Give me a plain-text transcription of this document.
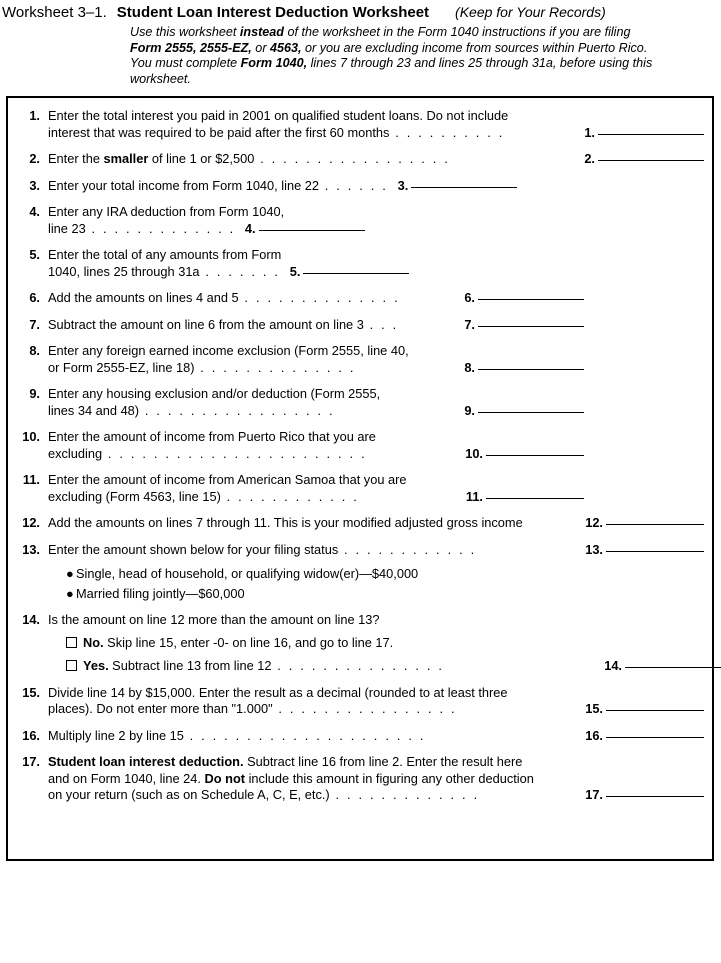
Worksheet 3–1. Student Loan Interest Deduction Worksheet (Keep for Your Records)
Use this worksheet instead of the worksheet in the Form 1040 instructions if you are filing
Form 2555, 2555-EZ, or 4563, or you are excluding income from sources within Puerto Rico.
You must complete Form 1040, lines 7 through 23 and lines 25 through 31a, before using this
worksheet.
1. Enter the total interest you paid in 2001 on qualified student loans. Do not include
interest that was required to be paid after the first 60 months . . . . . . . . . .	1.
2. Enter the smaller of line 1 or $2,500 . . . . . . . . . . . . . . . . .	2.
3. Enter your total income from Form 1040, line 22 . . . . . . 3.
4. Enter any IRA deduction from Form 1040,
line 23 . . . . . . . . . . . . . 4.
5. Enter the total of any amounts from Form
1040, lines 25 through 31a . . . . . . . 5.
6. Add the amounts on lines 4 and 5 . . . . . . . . . . . . . .	6.
7. Subtract the amount on line 6 from the amount on line 3 . . .	7.
8. Enter any foreign earned income exclusion (Form 2555, line 40,
or Form 2555-EZ, line 18) . . . . . . . . . . . . . .	8.
9. Enter any housing exclusion and/or deduction (Form 2555,
lines 34 and 48) . . . . . . . . . . . . . . . . .	9.
10. Enter the amount of income from Puerto Rico that you are
excluding . . . . . . . . . . . . . . . . . . . . . . .	10.
11. Enter the amount of income from American Samoa that you are
excluding (Form 4563, line 15) . . . . . . . . . . . .	11.
12. Add the amounts on lines 7 through 11. This is your modified adjusted gross income	12.
13. Enter the amount shown below for your filing status . . . . . . . . . . . .	13.
● Single, head of household, or qualifying widow(er)—$40,000
● Married filing jointly—$60,000
14. Is the amount on line 12 more than the amount on line 13?
No. Skip line 15, enter -0- on line 16, and go to line 17.
Yes. Subtract line 13 from line 12 . . . . . . . . . . . . . . .	14.
15. Divide line 14 by $15,000. Enter the result as a decimal (rounded to at least three
places). Do not enter more than "1.000" . . . . . . . . . . . . . . . .	15.
16. Multiply line 2 by line 15 . . . . . . . . . . . . . . . . . . . . .	16.
17. Student loan interest deduction. Subtract line 16 from line 2. Enter the result here
and on Form 1040, line 24. Do not include this amount in figuring any other deduction
on your return (such as on Schedule A, C, E, etc.) . . . . . . . . . . . . .	17.
